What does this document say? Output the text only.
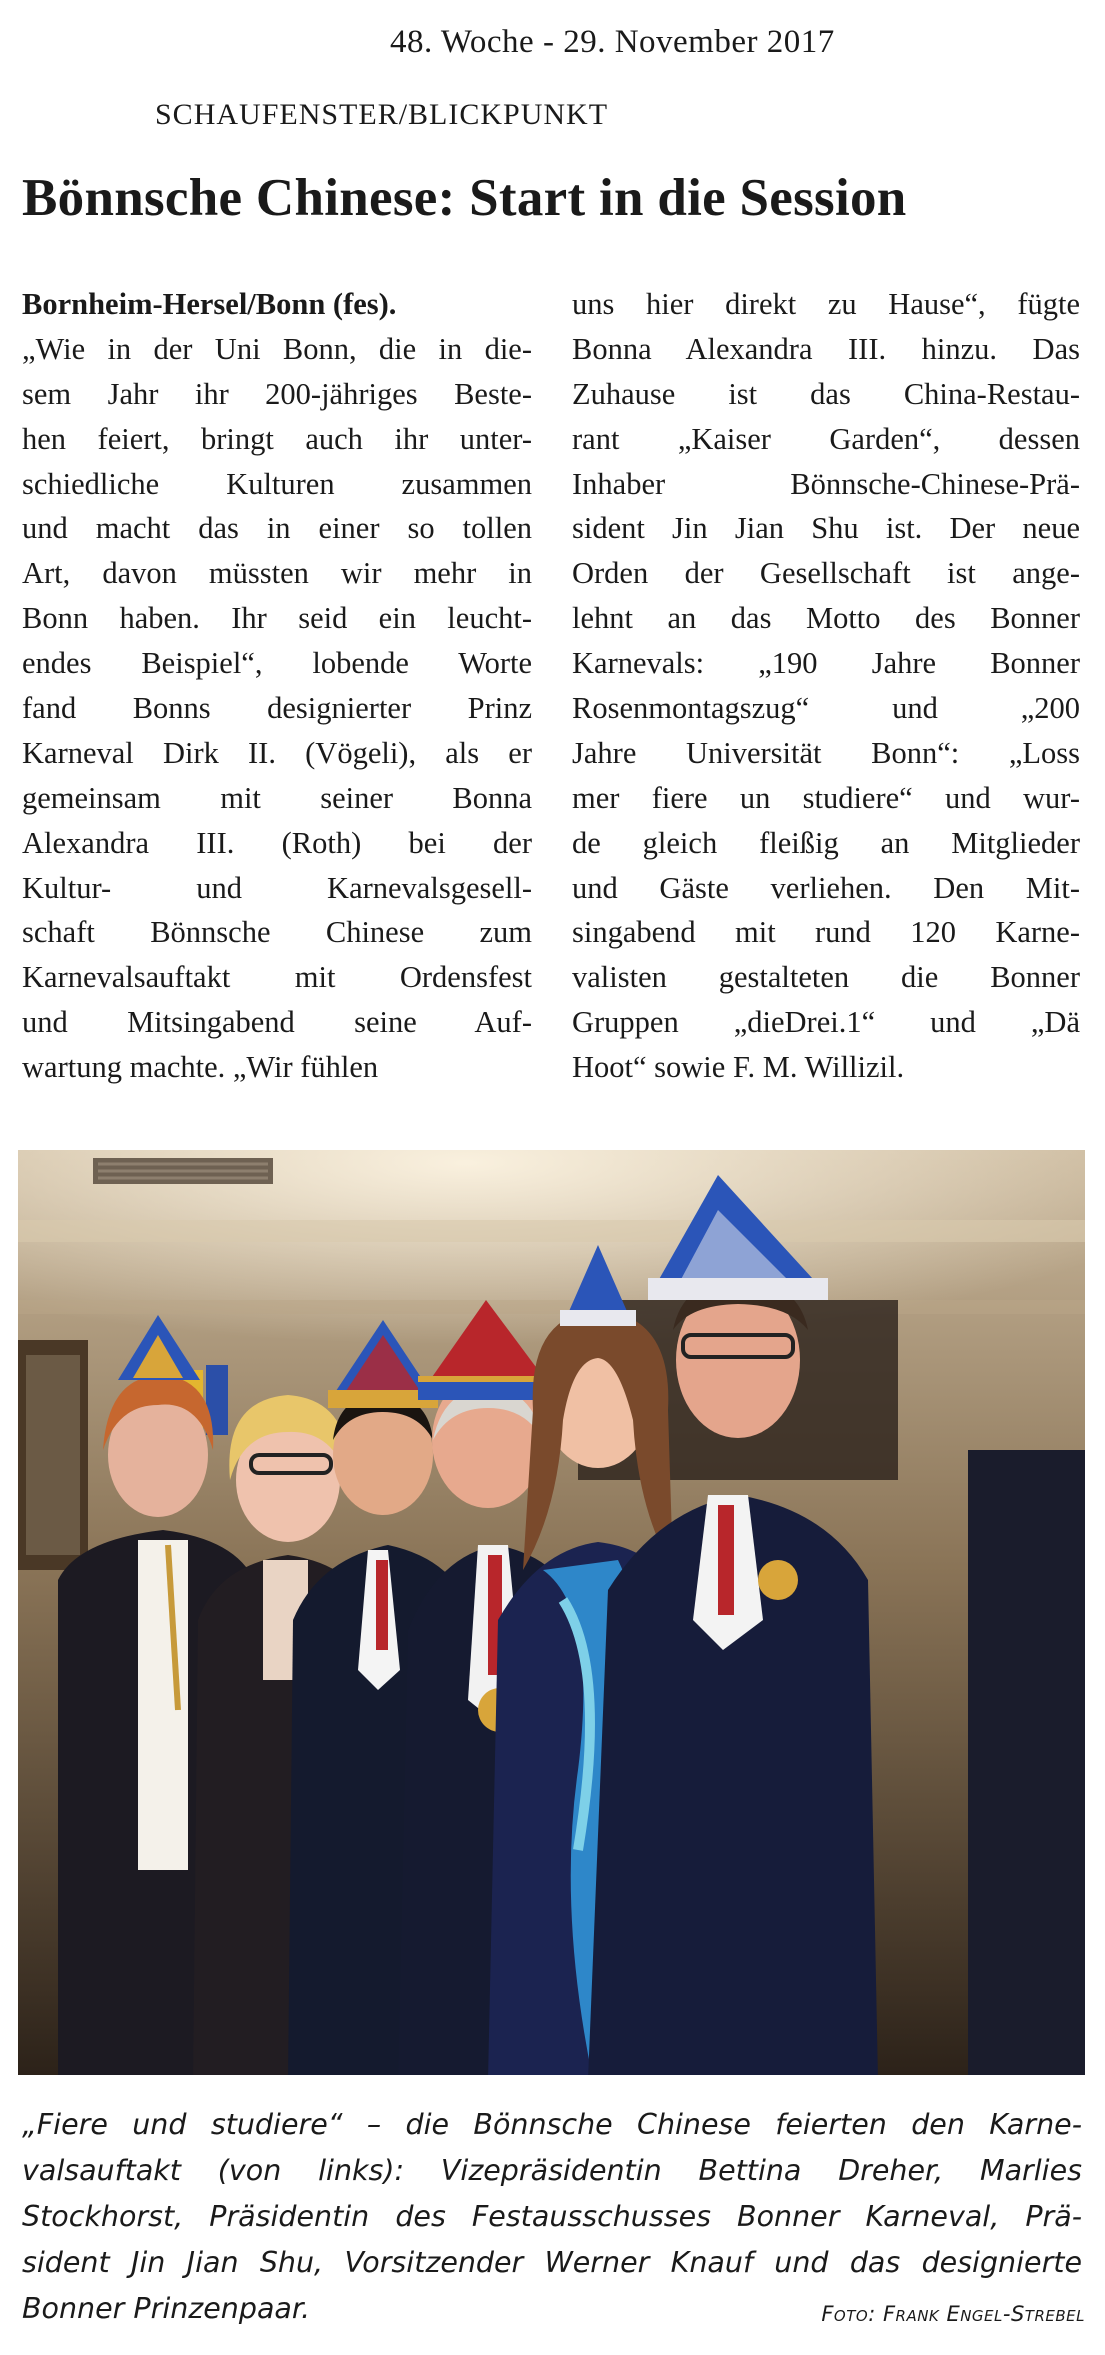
48. Woche - 29. November 2017
SCHAUFENSTER/BLICKPUNKT
Bönnsche Chinese: Start in die Session
Bornheim-Hersel/Bonn (fes).
„Wie in der Uni Bonn, die in die-
sem Jahr ihr 200-jähriges Beste-
hen feiert, bringt auch ihr unter-
schiedliche Kulturen zusammen
und macht das in einer so tollen
Art, davon müssten wir mehr in
Bonn haben. Ihr seid ein leucht-
endes Beispiel“, lobende Worte
fand Bonns designierter Prinz
Karneval Dirk II. (Vögeli), als er
gemeinsam mit seiner Bonna
Alexandra III. (Roth) bei der
Kultur- und Karnevalsgesell-
schaft Bönnsche Chinese zum
Karnevalsauftakt mit Ordensfest
und Mitsingabend seine Auf-
wartung machte. „Wir fühlen
uns hier direkt zu Hause“, fügte
Bonna Alexandra III. hinzu. Das
Zuhause ist das China-Restau-
rant „Kaiser Garden“, dessen
Inhaber Bönnsche-Chinese-Prä-
sident Jin Jian Shu ist. Der neue
Orden der Gesellschaft ist ange-
lehnt an das Motto des Bonner
Karnevals: „190 Jahre Bonner
Rosenmontagszug“ und „200
Jahre Universität Bonn“: „Loss
mer fiere un studiere“ und wur-
de gleich fleißig an Mitglieder
und Gäste verliehen. Den Mit-
singabend mit rund 120 Karne-
valisten gestalteten die Bonner
Gruppen „dieDrei.1“ und „Dä
Hoot“ sowie F. M. Willizil.
„Fiere und studiere“ – die Bönnsche Chinese feierten den Karne-
valsauftakt (von links): Vizepräsidentin Bettina Dreher, Marlies
Stockhorst, Präsidentin des Festausschusses Bonner Karneval, Prä-
sident Jin Jian Shu, Vorsitzender Werner Knauf und das designierte
Bonner Prinzenpaar.	Foto: Frank Engel-Strebel
